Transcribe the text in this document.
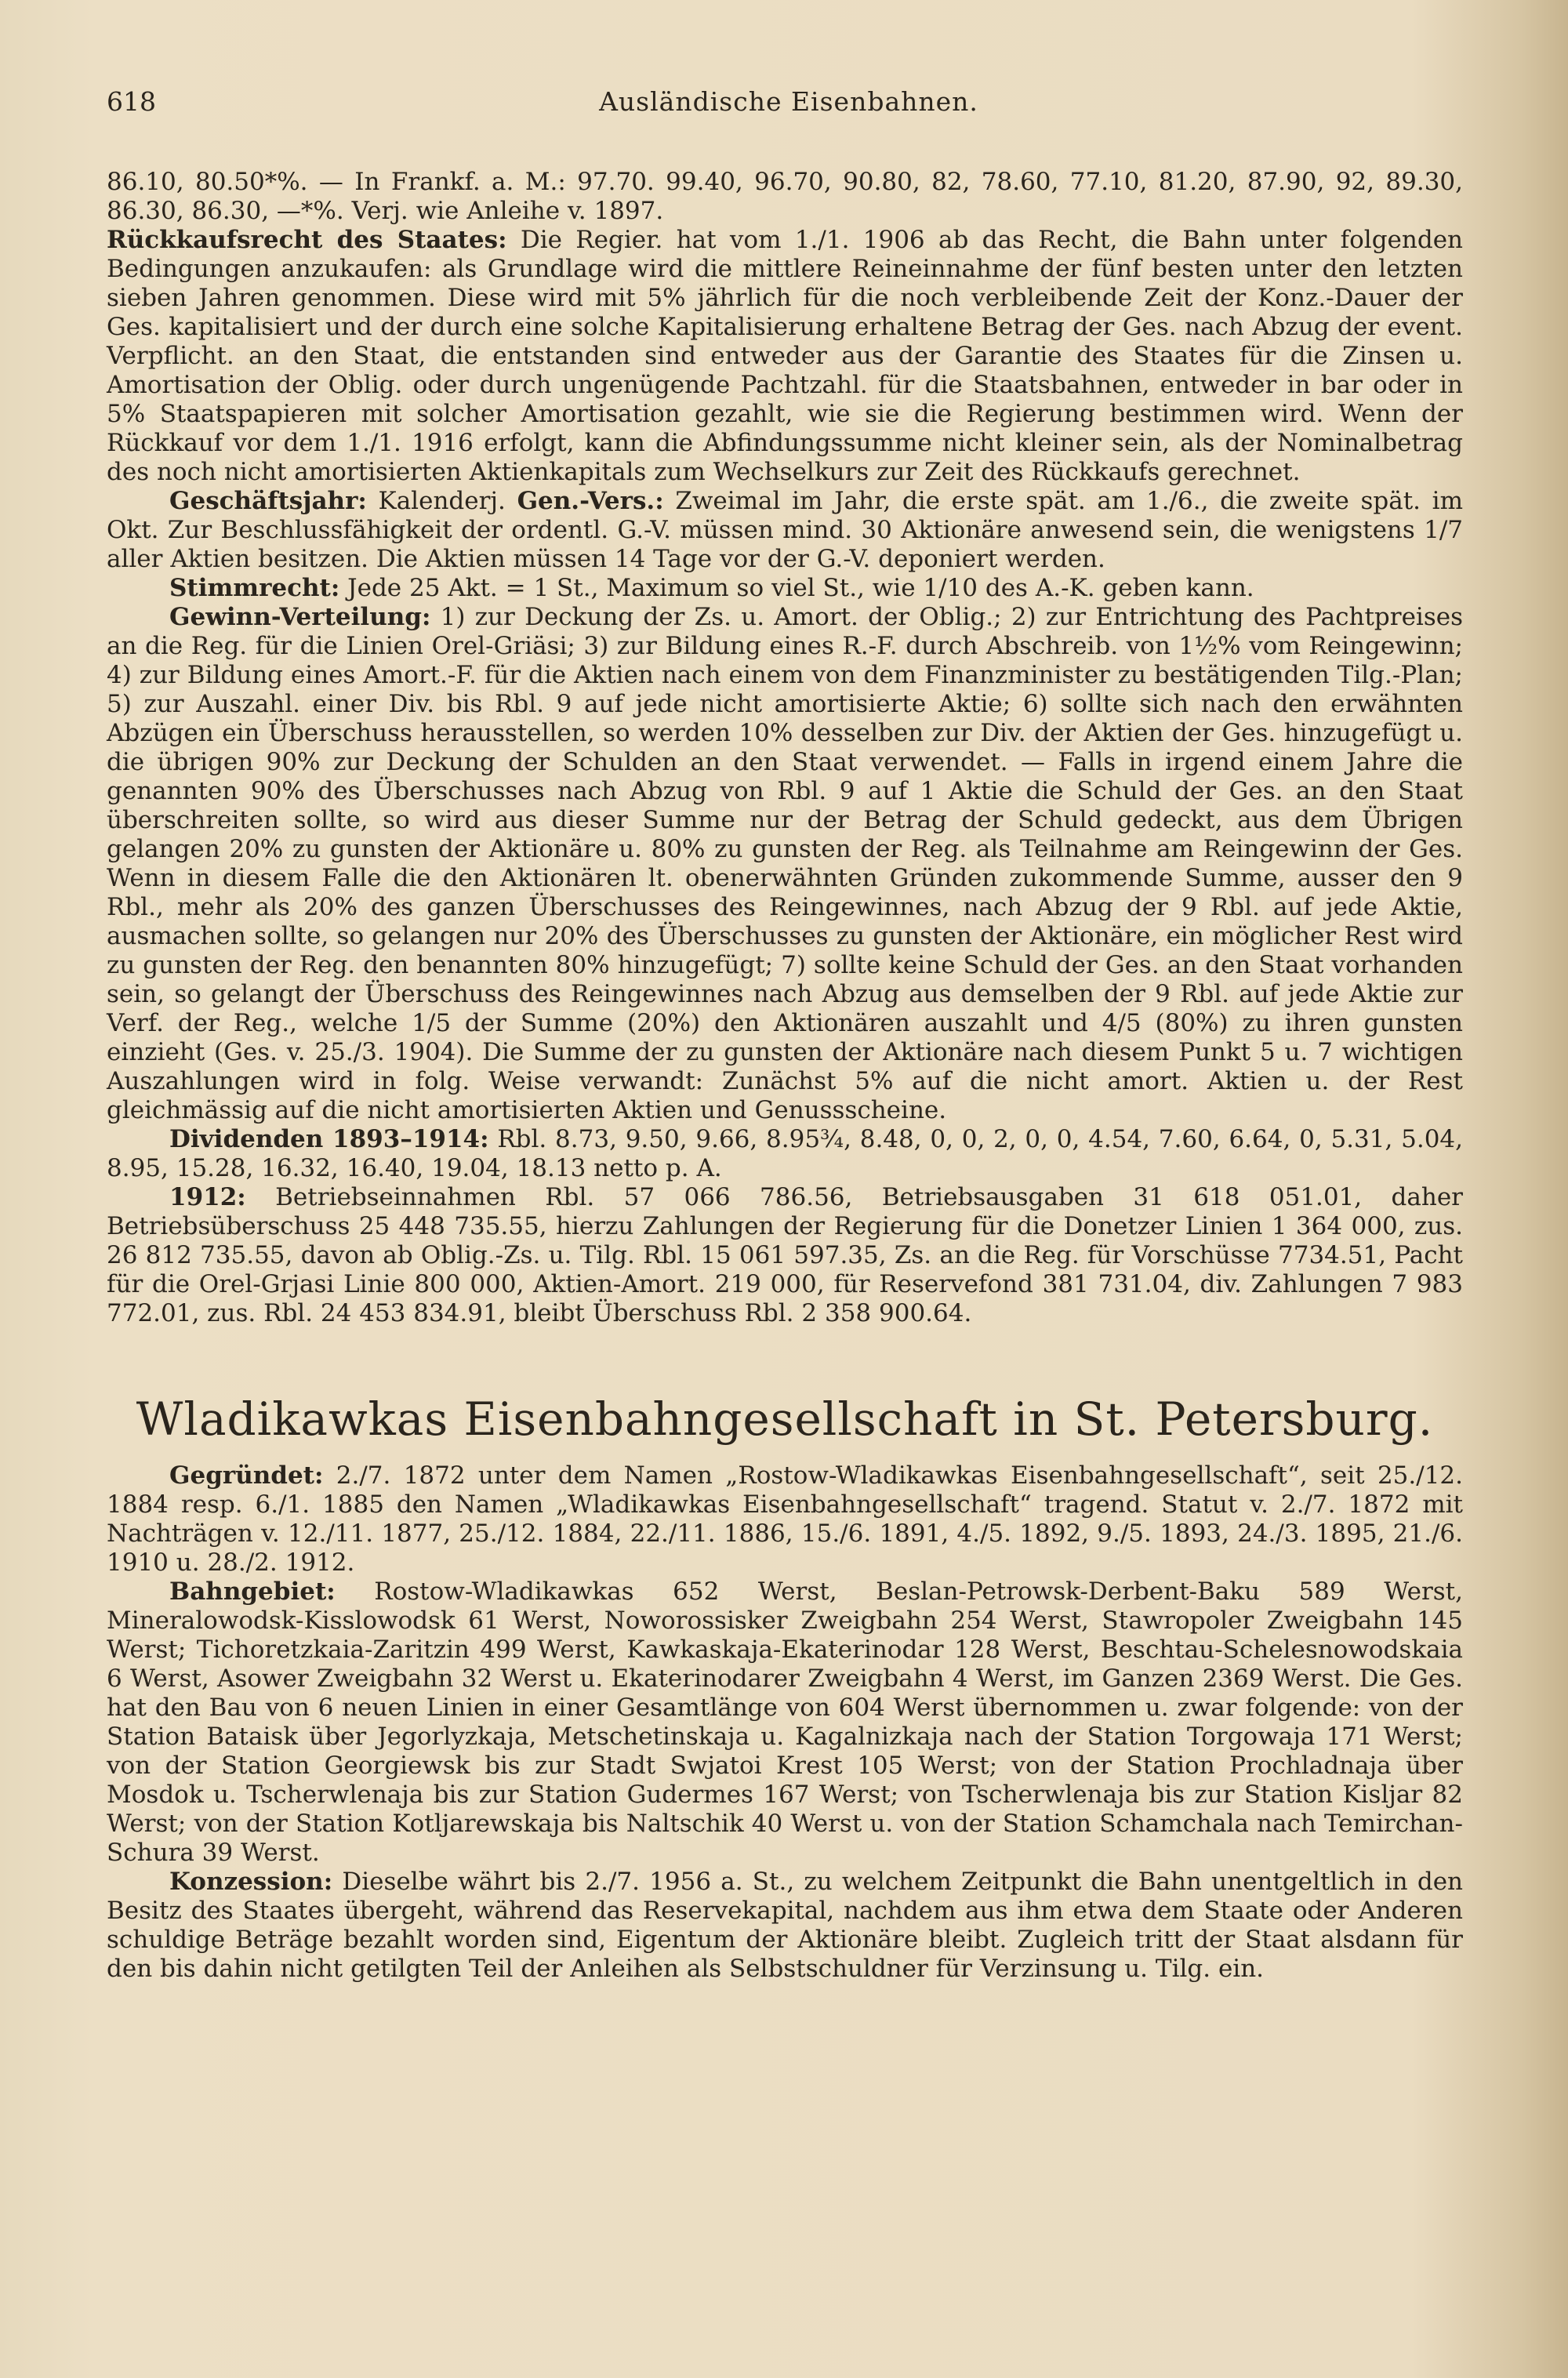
618	Ausländische Eisenbahnen.

86.10, 80.50*%. — In Frankf. a. M.: 97.70. 99.40, 96.70, 90.80, 82, 78.60, 77.10, 81.20, 87.90, 92, 89.30, 86.30, 86.30, —*%. Verj. wie Anleihe v. 1897.

Rückkaufsrecht des Staates: Die Regier. hat vom 1./1. 1906 ab das Recht, die Bahn unter folgenden Bedingungen anzukaufen: als Grundlage wird die mittlere Reineinnahme der fünf besten unter den letzten sieben Jahren genommen. Diese wird mit 5% jährlich für die noch verbleibende Zeit der Konz.-Dauer der Ges. kapitalisiert und der durch eine solche Kapitalisierung erhaltene Betrag der Ges. nach Abzug der event. Verpflicht. an den Staat, die entstanden sind entweder aus der Garantie des Staates für die Zinsen u. Amortisation der Oblig. oder durch ungenügende Pachtzahl. für die Staatsbahnen, entweder in bar oder in 5% Staatspapieren mit solcher Amortisation gezahlt, wie sie die Regierung bestimmen wird. Wenn der Rückkauf vor dem 1./1. 1916 erfolgt, kann die Abfindungssumme nicht kleiner sein, als der Nominalbetrag des noch nicht amortisierten Aktienkapitals zum Wechselkurs zur Zeit des Rückkaufs gerechnet.

Geschäftsjahr: Kalenderj. Gen.-Vers.: Zweimal im Jahr, die erste spät. am 1./6., die zweite spät. im Okt. Zur Beschlussfähigkeit der ordentl. G.-V. müssen mind. 30 Aktionäre anwesend sein, die wenigstens 1/7 aller Aktien besitzen. Die Aktien müssen 14 Tage vor der G.-V. deponiert werden.

Stimmrecht: Jede 25 Akt. = 1 St., Maximum so viel St., wie 1/10 des A.-K. geben kann.

Gewinn-Verteilung: 1) zur Deckung der Zs. u. Amort. der Oblig.; 2) zur Entrichtung des Pachtpreises an die Reg. für die Linien Orel-Griäsi; 3) zur Bildung eines R.-F. durch Abschreib. von 1½% vom Reingewinn; 4) zur Bildung eines Amort.-F. für die Aktien nach einem von dem Finanzminister zu bestätigenden Tilg.-Plan; 5) zur Auszahl. einer Div. bis Rbl. 9 auf jede nicht amortisierte Aktie; 6) sollte sich nach den erwähnten Abzügen ein Überschuss herausstellen, so werden 10% desselben zur Div. der Aktien der Ges. hinzugefügt u. die übrigen 90% zur Deckung der Schulden an den Staat verwendet. — Falls in irgend einem Jahre die genannten 90% des Überschusses nach Abzug von Rbl. 9 auf 1 Aktie die Schuld der Ges. an den Staat überschreiten sollte, so wird aus dieser Summe nur der Betrag der Schuld gedeckt, aus dem Übrigen gelangen 20% zu gunsten der Aktionäre u. 80% zu gunsten der Reg. als Teilnahme am Reingewinn der Ges. Wenn in diesem Falle die den Aktionären lt. obenerwähnten Gründen zukommende Summe, ausser den 9 Rbl., mehr als 20% des ganzen Überschusses des Reingewinnes, nach Abzug der 9 Rbl. auf jede Aktie, ausmachen sollte, so gelangen nur 20% des Überschusses zu gunsten der Aktionäre, ein möglicher Rest wird zu gunsten der Reg. den benannten 80% hinzugefügt; 7) sollte keine Schuld der Ges. an den Staat vorhanden sein, so gelangt der Überschuss des Reingewinnes nach Abzug aus demselben der 9 Rbl. auf jede Aktie zur Verf. der Reg., welche 1/5 der Summe (20%) den Aktionären auszahlt und 4/5 (80%) zu ihren gunsten einzieht (Ges. v. 25./3. 1904). Die Summe der zu gunsten der Aktionäre nach diesem Punkt 5 u. 7 wichtigen Auszahlungen wird in folg. Weise verwandt: Zunächst 5% auf die nicht amort. Aktien u. der Rest gleichmässig auf die nicht amortisierten Aktien und Genussscheine.

Dividenden 1893–1914: Rbl. 8.73, 9.50, 9.66, 8.95¾, 8.48, 0, 0, 2, 0, 0, 4.54, 7.60, 6.64, 0, 5.31, 5.04, 8.95, 15.28, 16.32, 16.40, 19.04, 18.13 netto p. A.

1912: Betriebseinnahmen Rbl. 57 066 786.56, Betriebsausgaben 31 618 051.01, daher Betriebsüberschuss 25 448 735.55, hierzu Zahlungen der Regierung für die Donetzer Linien 1 364 000, zus. 26 812 735.55, davon ab Oblig.-Zs. u. Tilg. Rbl. 15 061 597.35, Zs. an die Reg. für Vorschüsse 7734.51, Pacht für die Orel-Grjasi Linie 800 000, Aktien-Amort. 219 000, für Reservefond 381 731.04, div. Zahlungen 7 983 772.01, zus. Rbl. 24 453 834.91, bleibt Überschuss Rbl. 2 358 900.64.

Wladikawkas Eisenbahngesellschaft in St. Petersburg.

Gegründet: 2./7. 1872 unter dem Namen „Rostow-Wladikawkas Eisenbahngesellschaft“, seit 25./12. 1884 resp. 6./1. 1885 den Namen „Wladikawkas Eisenbahngesellschaft“ tragend. Statut v. 2./7. 1872 mit Nachträgen v. 12./11. 1877, 25./12. 1884, 22./11. 1886, 15./6. 1891, 4./5. 1892, 9./5. 1893, 24./3. 1895, 21./6. 1910 u. 28./2. 1912.

Bahngebiet: Rostow-Wladikawkas 652 Werst, Beslan-Petrowsk-Derbent-Baku 589 Werst, Mineralowodsk-Kisslowodsk 61 Werst, Noworossisker Zweigbahn 254 Werst, Stawropoler Zweigbahn 145 Werst; Tichoretzkaia-Zaritzin 499 Werst, Kawkaskaja-Ekaterinodar 128 Werst, Beschtau-Schelesnowodskaia 6 Werst, Asower Zweigbahn 32 Werst u. Ekaterinodarer Zweigbahn 4 Werst, im Ganzen 2369 Werst. Die Ges. hat den Bau von 6 neuen Linien in einer Gesamtlänge von 604 Werst übernommen u. zwar folgende: von der Station Bataisk über Jegorlyzkaja, Metschetinskaja u. Kagalnizkaja nach der Station Torgowaja 171 Werst; von der Station Georgiewsk bis zur Stadt Swjatoi Krest 105 Werst; von der Station Prochladnaja über Mosdok u. Tscherwlenaja bis zur Station Gudermes 167 Werst; von Tscherwlenaja bis zur Station Kisljar 82 Werst; von der Station Kotljarewskaja bis Naltschik 40 Werst u. von der Station Schamchala nach Temirchan-Schura 39 Werst.

Konzession: Dieselbe währt bis 2./7. 1956 a. St., zu welchem Zeitpunkt die Bahn unentgeltlich in den Besitz des Staates übergeht, während das Reservekapital, nachdem aus ihm etwa dem Staate oder Anderen schuldige Beträge bezahlt worden sind, Eigentum der Aktionäre bleibt. Zugleich tritt der Staat alsdann für den bis dahin nicht getilgten Teil der Anleihen als Selbstschuldner für Verzinsung u. Tilg. ein.
